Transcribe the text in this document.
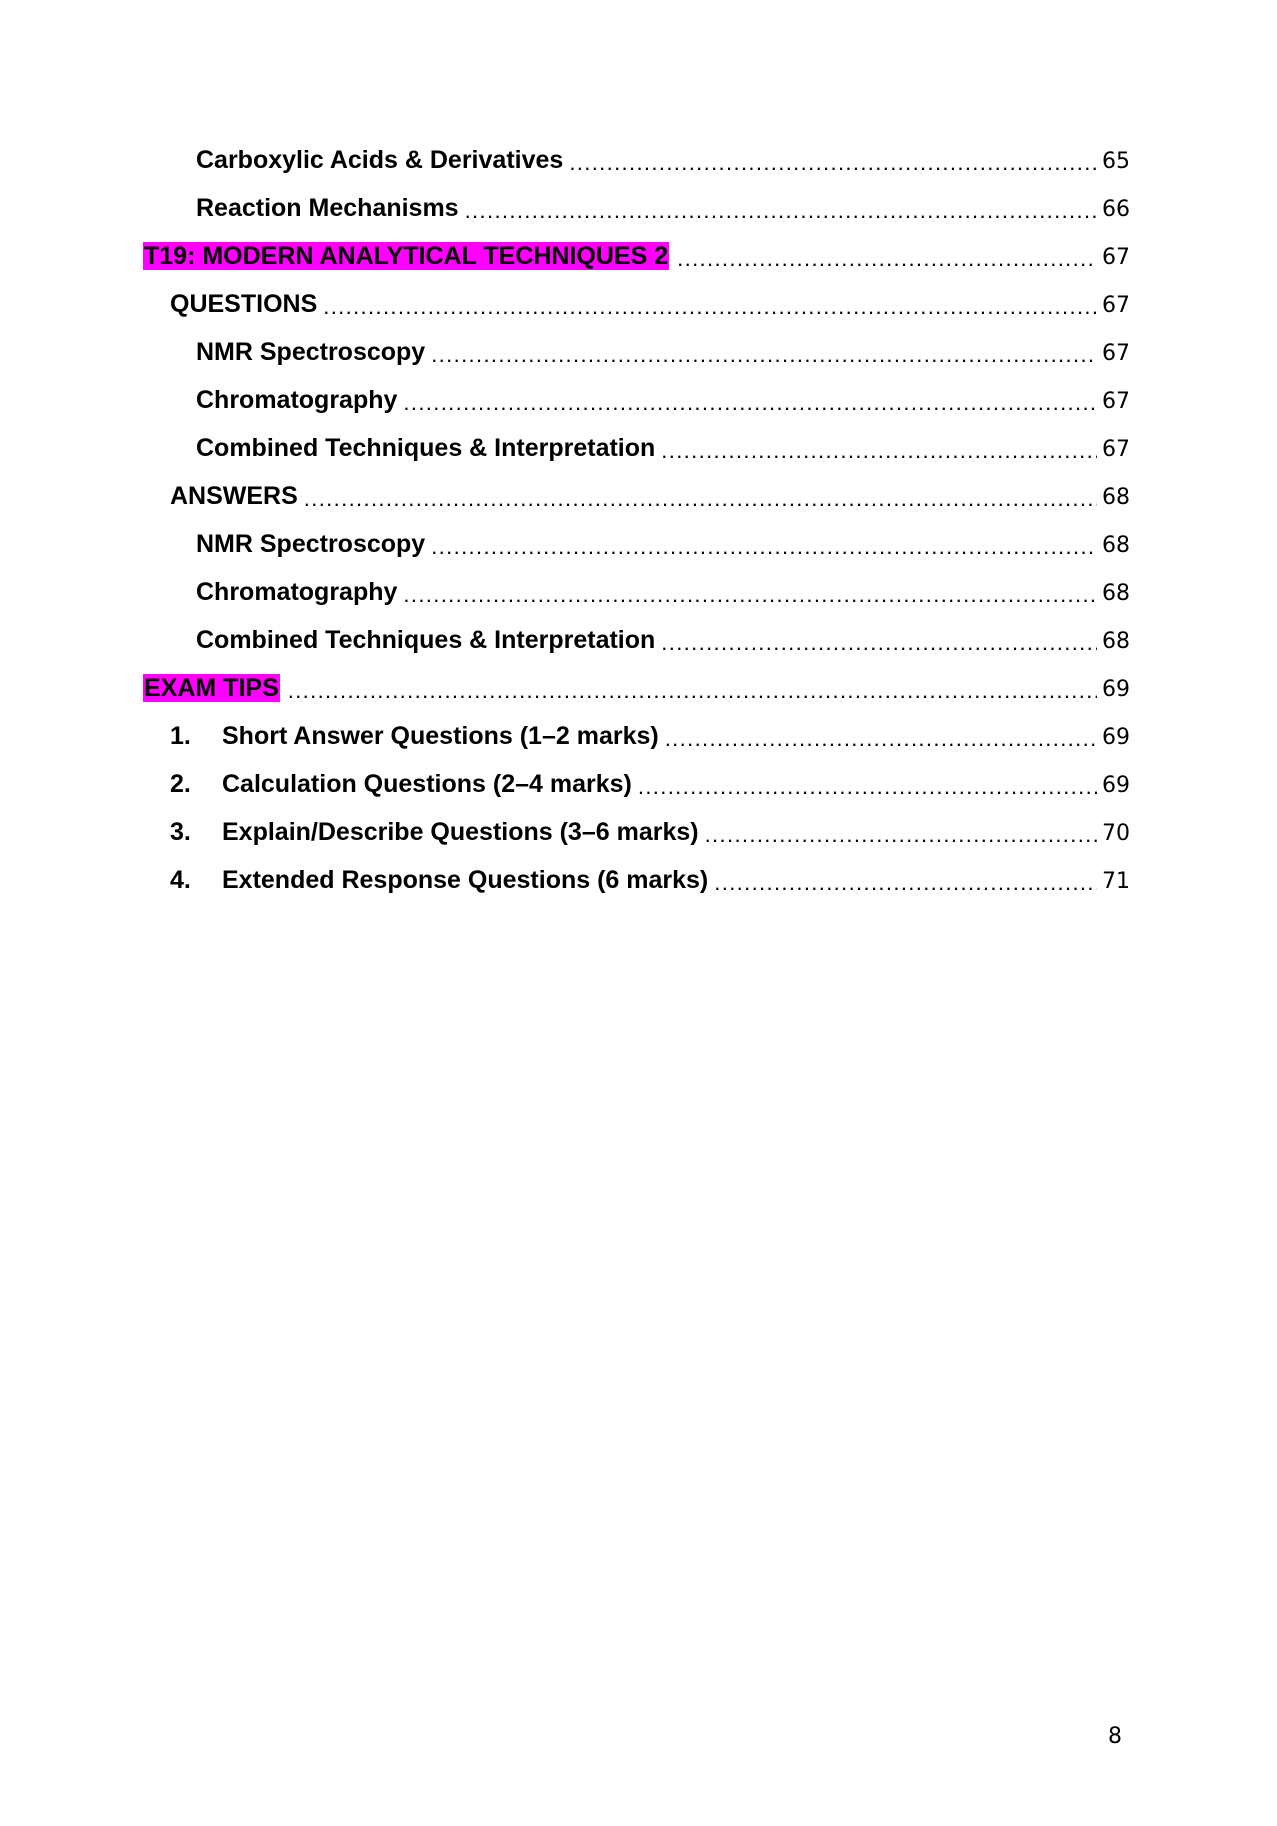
Carboxylic Acids & Derivatives .....	65
Reaction Mechanisms .....	66
T19: MODERN ANALYTICAL TECHNIQUES 2 .....	67
QUESTIONS .....	67
NMR Spectroscopy .....	67
Chromatography .....	67
Combined Techniques & Interpretation .....	67
ANSWERS .....	68
NMR Spectroscopy .....	68
Chromatography .....	68
Combined Techniques & Interpretation .....	68
EXAM TIPS .....	69
1. Short Answer Questions (1–2 marks) .....	69
2. Calculation Questions (2–4 marks) .....	69
3. Explain/Describe Questions (3–6 marks) .....	70
4. Extended Response Questions (6 marks) .....	71
8
